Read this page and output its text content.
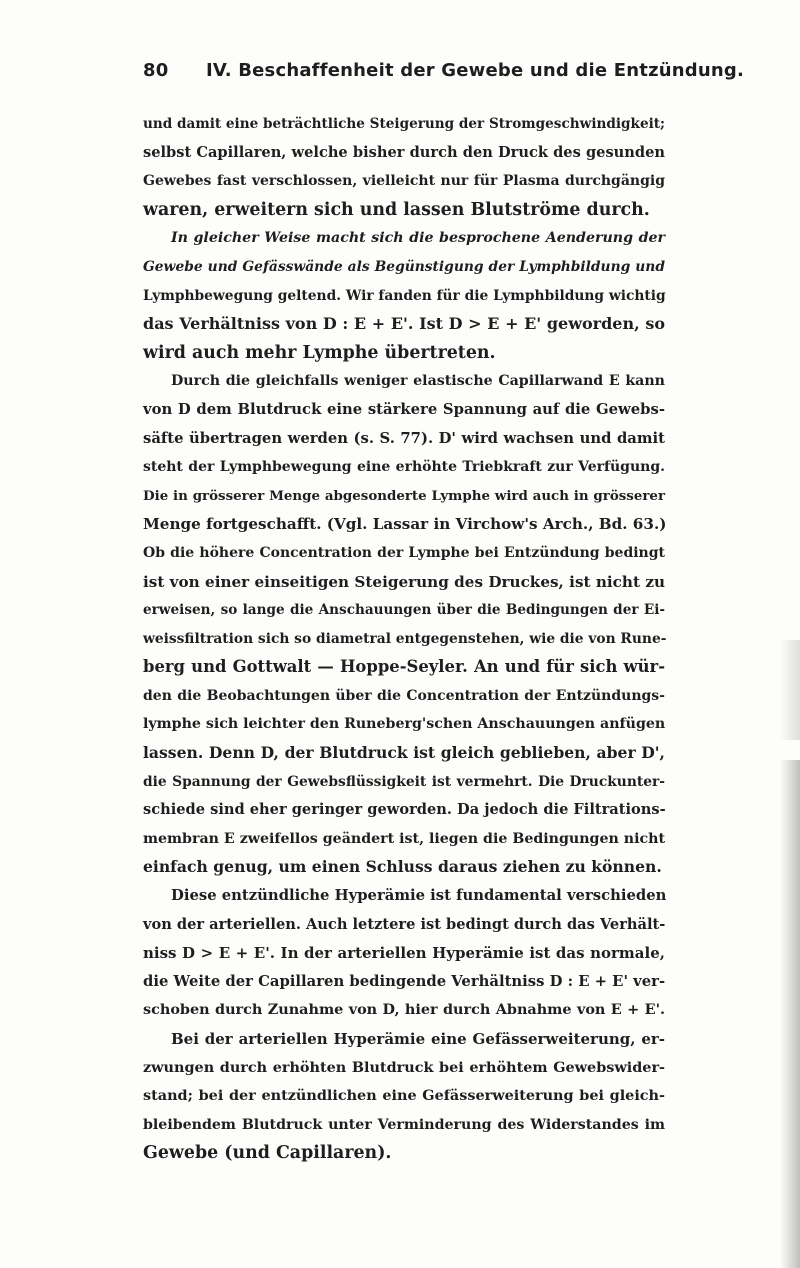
80 IV. Beschaffenheit der Gewebe und die Entzündung.
und damit eine beträchtliche Steigerung der Stromgeschwindigkeit;
selbst Capillaren, welche bisher durch den Druck des gesunden
Gewebes fast verschlossen, vielleicht nur für Plasma durchgängig
waren, erweitern sich und lassen Blutströme durch.
In gleicher Weise macht sich die besprochene Aenderung der
Gewebe und Gefässwände als Begünstigung der Lymphbildung und
Lymphbewegung geltend. Wir fanden für die Lymphbildung wichtig
das Verhältniss von D : E + E'. Ist D > E + E' geworden, so
wird auch mehr Lymphe übertreten.
Durch die gleichfalls weniger elastische Capillarwand E kann
von D dem Blutdruck eine stärkere Spannung auf die Gewebs-
säfte übertragen werden (s. S. 77). D' wird wachsen und damit
steht der Lymphbewegung eine erhöhte Triebkraft zur Verfügung.
Die in grösserer Menge abgesonderte Lymphe wird auch in grösserer
Menge fortgeschafft. (Vgl. Lassar in Virchow's Arch., Bd. 63.)
Ob die höhere Concentration der Lymphe bei Entzündung bedingt
ist von einer einseitigen Steigerung des Druckes, ist nicht zu
erweisen, so lange die Anschauungen über die Bedingungen der Ei-
weissfiltration sich so diametral entgegenstehen, wie die von Rune-
berg und Gottwalt — Hoppe-Seyler. An und für sich wür-
den die Beobachtungen über die Concentration der Entzündungs-
lymphe sich leichter den Runeberg'schen Anschauungen anfügen
lassen. Denn D, der Blutdruck ist gleich geblieben, aber D',
die Spannung der Gewebsflüssigkeit ist vermehrt. Die Druckunter-
schiede sind eher geringer geworden. Da jedoch die Filtrations-
membran E zweifellos geändert ist, liegen die Bedingungen nicht
einfach genug, um einen Schluss daraus ziehen zu können.
Diese entzündliche Hyperämie ist fundamental verschieden
von der arteriellen. Auch letztere ist bedingt durch das Verhält-
niss D > E + E'. In der arteriellen Hyperämie ist das normale,
die Weite der Capillaren bedingende Verhältniss D : E + E' ver-
schoben durch Zunahme von D, hier durch Abnahme von E + E'.
Bei der arteriellen Hyperämie eine Gefässerweiterung, er-
zwungen durch erhöhten Blutdruck bei erhöhtem Gewebswider-
stand; bei der entzündlichen eine Gefässerweiterung bei gleich-
bleibendem Blutdruck unter Verminderung des Widerstandes im
Gewebe (und Capillaren).
